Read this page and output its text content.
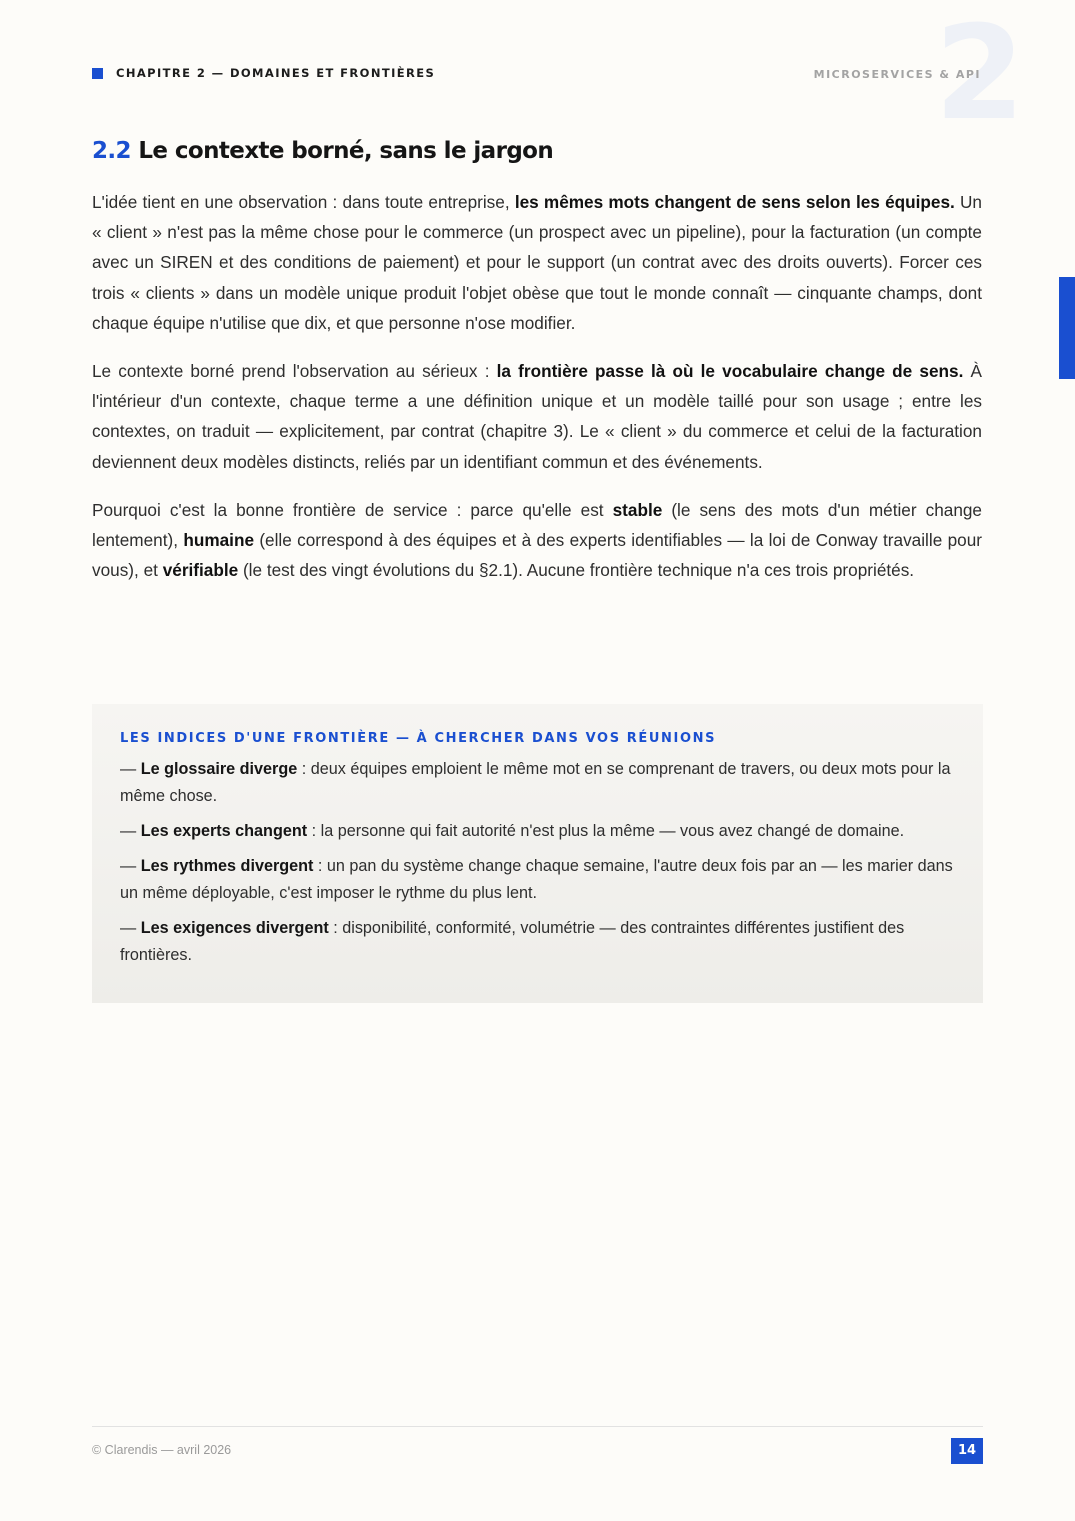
CHAPITRE 2 — DOMAINES ET FRONTIÈRES	2
MICROSERVICES & API
2.2 Le contexte borné, sans le jargon

L'idée tient en une observation : dans toute entreprise, les mêmes mots changent de sens selon les équipes. Un « client » n'est pas la même chose pour le commerce (un prospect avec un pipeline), pour la facturation (un compte avec un SIREN et des conditions de paiement) et pour le support (un contrat avec des droits ouverts). Forcer ces trois « clients » dans un modèle unique produit l'objet obèse que tout le monde connaît — cinquante champs, dont chaque équipe n'utilise que dix, et que personne n'ose modifier.

Le contexte borné prend l'observation au sérieux : la frontière passe là où le vocabulaire change de sens. À l'intérieur d'un contexte, chaque terme a une définition unique et un modèle taillé pour son usage ; entre les contextes, on traduit — explicitement, par contrat (chapitre 3). Le « client » du commerce et celui de la facturation deviennent deux modèles distincts, reliés par un identifiant commun et des événements.

Pourquoi c'est la bonne frontière de service : parce qu'elle est stable (le sens des mots d'un métier change lentement), humaine (elle correspond à des équipes et à des experts identifiables — la loi de Conway travaille pour vous), et vérifiable (le test des vingt évolutions du §2.1). Aucune frontière technique n'a ces trois propriétés.

LES INDICES D'UNE FRONTIÈRE — À CHERCHER DANS VOS RÉUNIONS
— Le glossaire diverge : deux équipes emploient le même mot en se comprenant de travers, ou deux mots pour la même chose.
— Les experts changent : la personne qui fait autorité n'est plus la même — vous avez changé de domaine.
— Les rythmes divergent : un pan du système change chaque semaine, l'autre deux fois par an — les marier dans un même déployable, c'est imposer le rythme du plus lent.
— Les exigences divergent : disponibilité, conformité, volumétrie — des contraintes différentes justifient des frontières.
© Clarendis — avril 2026	14
